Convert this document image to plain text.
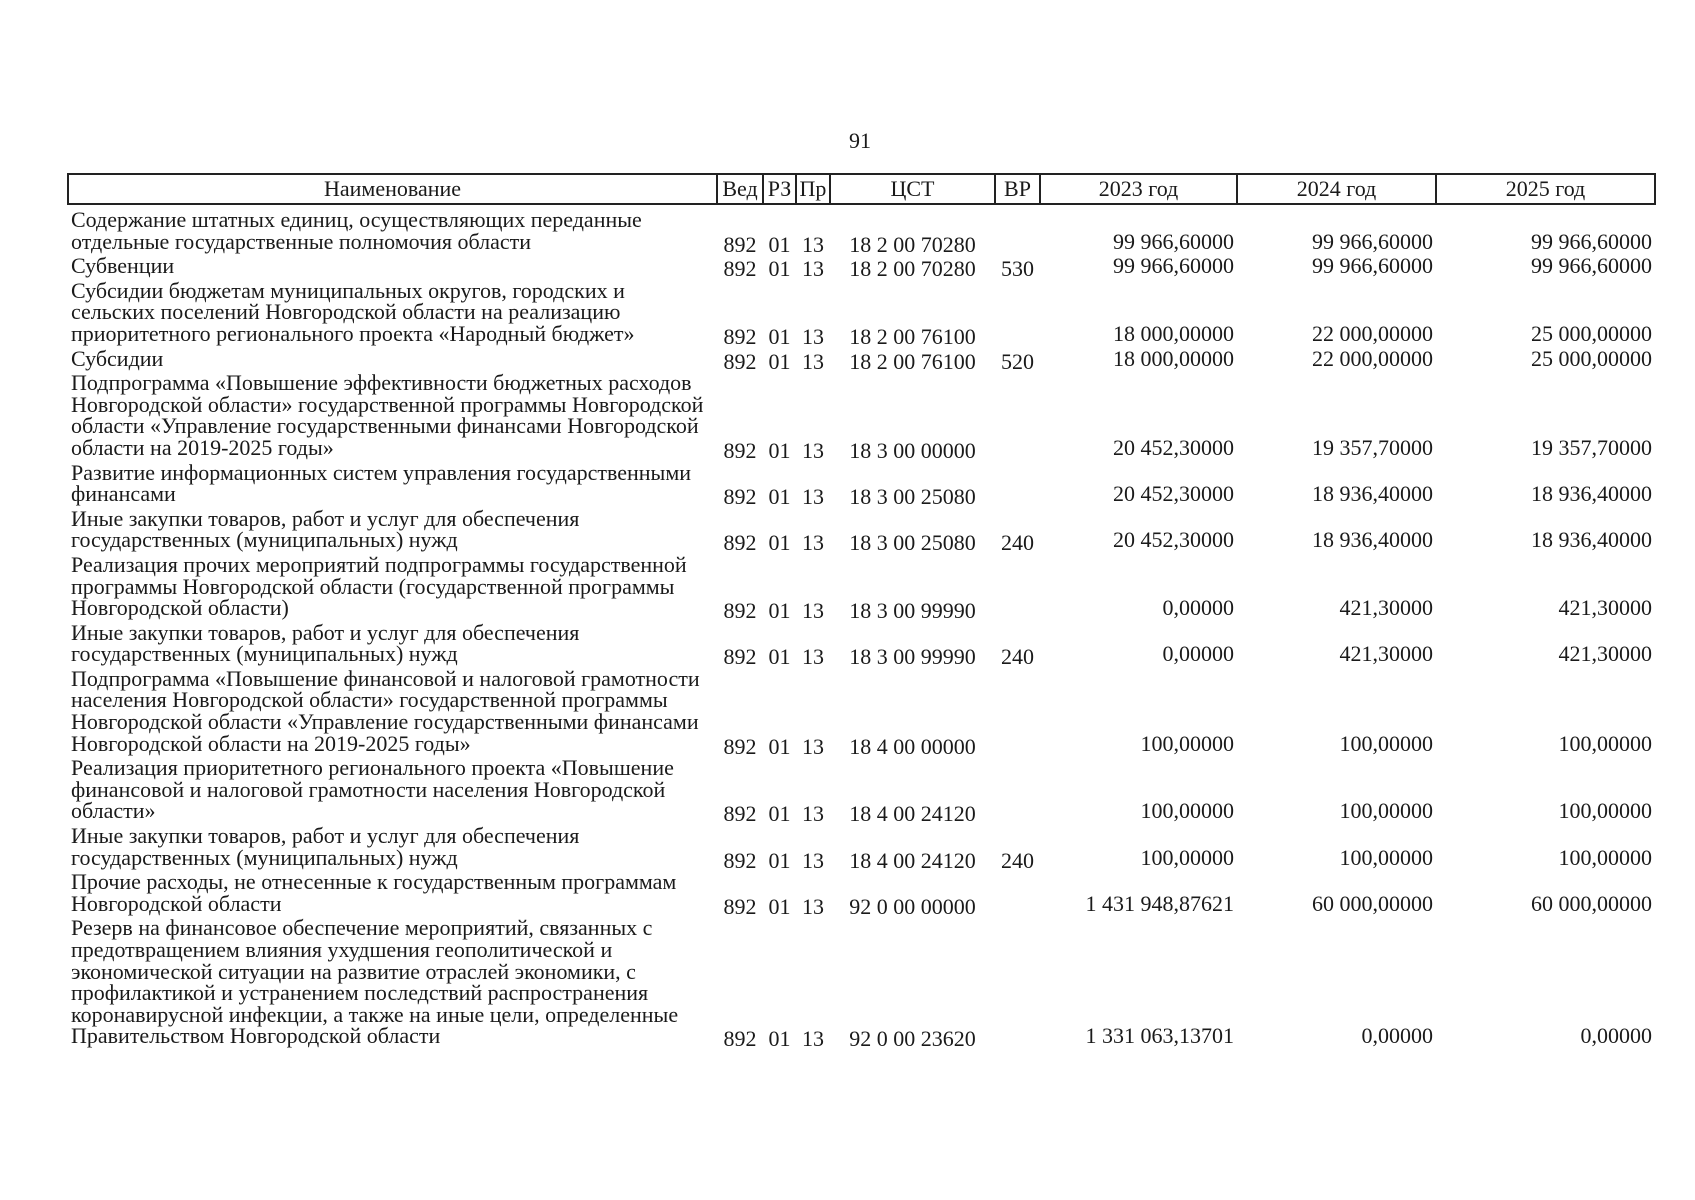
91
Наименование	Вед	РЗ	Пр	ЦСТ	ВР	2023 год	2024 год	2025 год
Содержание штатных единиц, осуществляющих переданные отдельные государственные полномочия области	892	01	13	18 2 00 70280		99 966,60000	99 966,60000	99 966,60000
Субвенции	892	01	13	18 2 00 70280	530	99 966,60000	99 966,60000	99 966,60000
Субсидии бюджетам муниципальных округов, городских и сельских поселений Новгородской области на реализацию приоритетного регионального проекта «Народный бюджет»	892	01	13	18 2 00 76100		18 000,00000	22 000,00000	25 000,00000
Субсидии	892	01	13	18 2 00 76100	520	18 000,00000	22 000,00000	25 000,00000
Подпрограмма «Повышение эффективности бюджетных расходов Новгородской области» государственной программы Новгородской области «Управление государственными финансами Новгородской области на 2019-2025 годы»	892	01	13	18 3 00 00000		20 452,30000	19 357,70000	19 357,70000
Развитие информационных систем управления государственными финансами	892	01	13	18 3 00 25080		20 452,30000	18 936,40000	18 936,40000
Иные закупки товаров, работ и услуг для обеспечения государственных (муниципальных) нужд	892	01	13	18 3 00 25080	240	20 452,30000	18 936,40000	18 936,40000
Реализация прочих мероприятий подпрограммы государственной программы Новгородской области (государственной программы Новгородской области)	892	01	13	18 3 00 99990		0,00000	421,30000	421,30000
Иные закупки товаров, работ и услуг для обеспечения государственных (муниципальных) нужд	892	01	13	18 3 00 99990	240	0,00000	421,30000	421,30000
Подпрограмма «Повышение финансовой и налоговой грамотности населения Новгородской области» государственной программы Новгородской области «Управление государственными финансами Новгородской области на 2019-2025 годы»	892	01	13	18 4 00 00000		100,00000	100,00000	100,00000
Реализация приоритетного регионального проекта «Повышение финансовой и налоговой грамотности населения Новгородской области»	892	01	13	18 4 00 24120		100,00000	100,00000	100,00000
Иные закупки товаров, работ и услуг для обеспечения государственных (муниципальных) нужд	892	01	13	18 4 00 24120	240	100,00000	100,00000	100,00000
Прочие расходы, не отнесенные к государственным программам Новгородской области	892	01	13	92 0 00 00000		1 431 948,87621	60 000,00000	60 000,00000
Резерв на финансовое обеспечение мероприятий, связанных с предотвращением влияния ухудшения геополитической и экономической ситуации на развитие отраслей экономики, с профилактикой и устранением последствий распространения коронавирусной инфекции, а также на иные цели, определенные Правительством Новгородской области	892	01	13	92 0 00 23620		1 331 063,13701	0,00000	0,00000
